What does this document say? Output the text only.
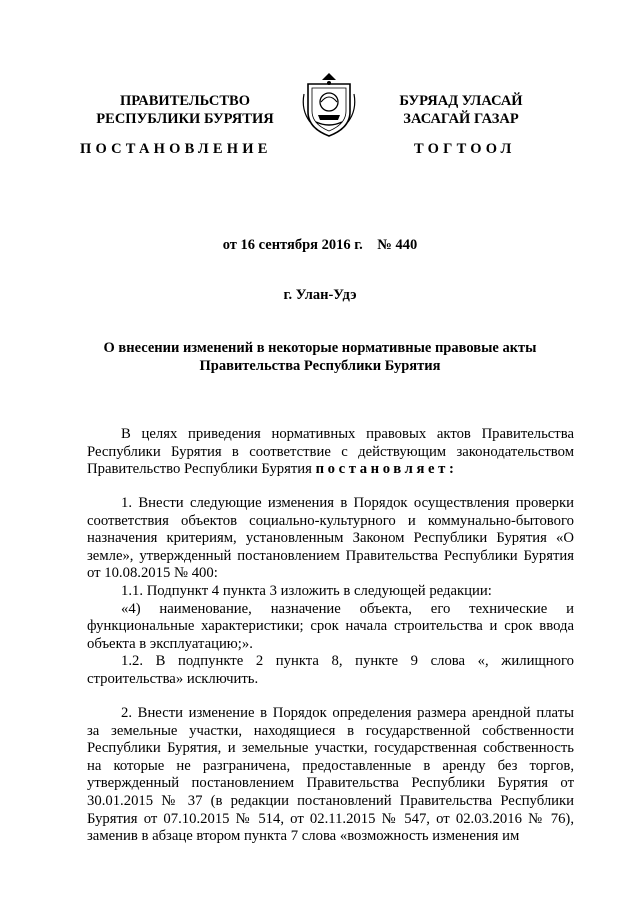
ПРАВИТЕЛЬСТВО
РЕСПУБЛИКИ БУРЯТИЯ
ПОСТАНОВЛЕНИЕ
БУРЯАД УЛАСАЙ
ЗАСАГАЙ ГАЗАР
ТОГТООЛ
от 16 сентября 2016 г.    № 440
г. Улан-Удэ
О внесении изменений в некоторые нормативные правовые акты
Правительства Республики Бурятия

В целях приведения нормативных правовых актов Правительства Республики Бурятия в соответствие с действующим законодательством Правительство Республики Бурятия постановляет:

1. Внести следующие изменения в Порядок осуществления проверки соответствия объектов социально-культурного и коммунально-бытового назначения критериям, установленным Законом Республики Бурятия «О земле», утвержденный постановлением Правительства Республики Бурятия от 10.08.2015 № 400:

1.1. Подпункт 4 пункта 3 изложить в следующей редакции:

«4) наименование, назначение объекта, его технические и функциональные характеристики; срок начала строительства и срок ввода объекта в эксплуатацию;».

1.2. В подпункте 2 пункта 8, пункте 9 слова «, жилищного строительства» исключить.

2. Внести изменение в Порядок определения размера арендной платы за земельные участки, находящиеся в государственной собственности Республики Бурятия, и земельные участки, государственная собственность на которые не разграничена, предоставленные в аренду без торгов, утвержденный постановлением Правительства Республики Бурятия от 30.01.2015 № 37 (в редакции постановлений Правительства Республики Бурятия от 07.10.2015 № 514, от 02.11.2015 № 547, от 02.03.2016 № 76), заменив в абзаце втором пункта 7 слова «возможность изменения им
